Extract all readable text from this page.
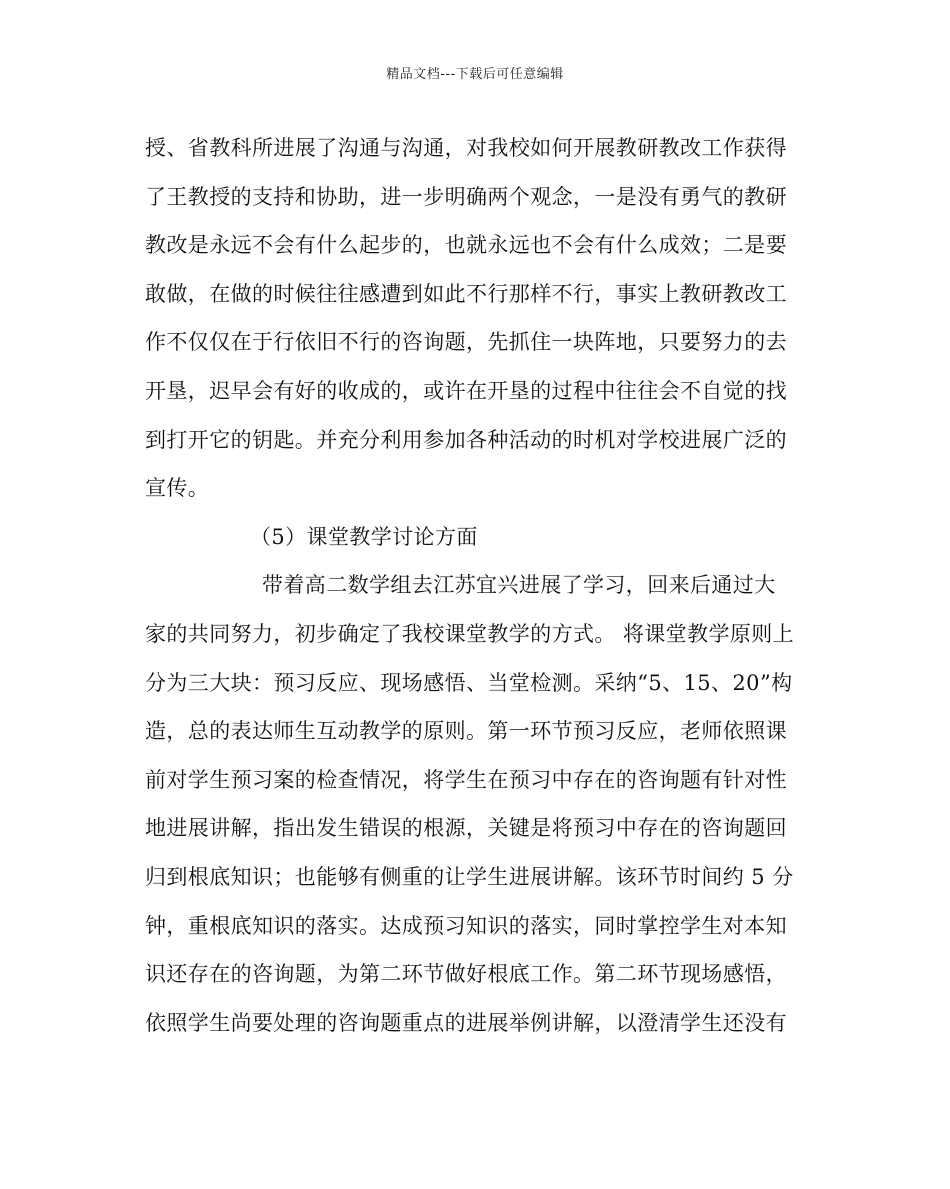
精品文档---下载后可任意编辑
授、省教科所进展了沟通与沟通，对我校如何开展教研教改工作获得
了王教授的支持和协助，进一步明确两个观念，一是没有勇气的教研
教改是永远不会有什么起步的，也就永远也不会有什么成效；二是要
敢做，在做的时候往往感遭到如此不行那样不行，事实上教研教改工
作不仅仅在于行依旧不行的咨询题，先抓住一块阵地，只要努力的去
开垦，迟早会有好的收成的，或许在开垦的过程中往往会不自觉的找
到打开它的钥匙。并充分利用参加各种活动的时机对学校进展广泛的
宣传。
（5）课堂教学讨论方面
带着高二数学组去江苏宜兴进展了学习，回来后通过大
家的共同努力，初步确定了我校课堂教学的方式。 将课堂教学原则上
分为三大块：预习反应、现场感悟、当堂检测。采纳“5、15、20”构
造，总的表达师生互动教学的原则。第一环节预习反应，老师依照课
前对学生预习案的检查情况，将学生在预习中存在的咨询题有针对性
地进展讲解，指出发生错误的根源，关键是将预习中存在的咨询题回
归到根底知识；也能够有侧重的让学生进展讲解。该环节时间约 5 分
钟，重根底知识的落实。达成预习知识的落实，同时掌控学生对本知
识还存在的咨询题，为第二环节做好根底工作。第二环节现场感悟，
依照学生尚要处理的咨询题重点的进展举例讲解，以澄清学生还没有
